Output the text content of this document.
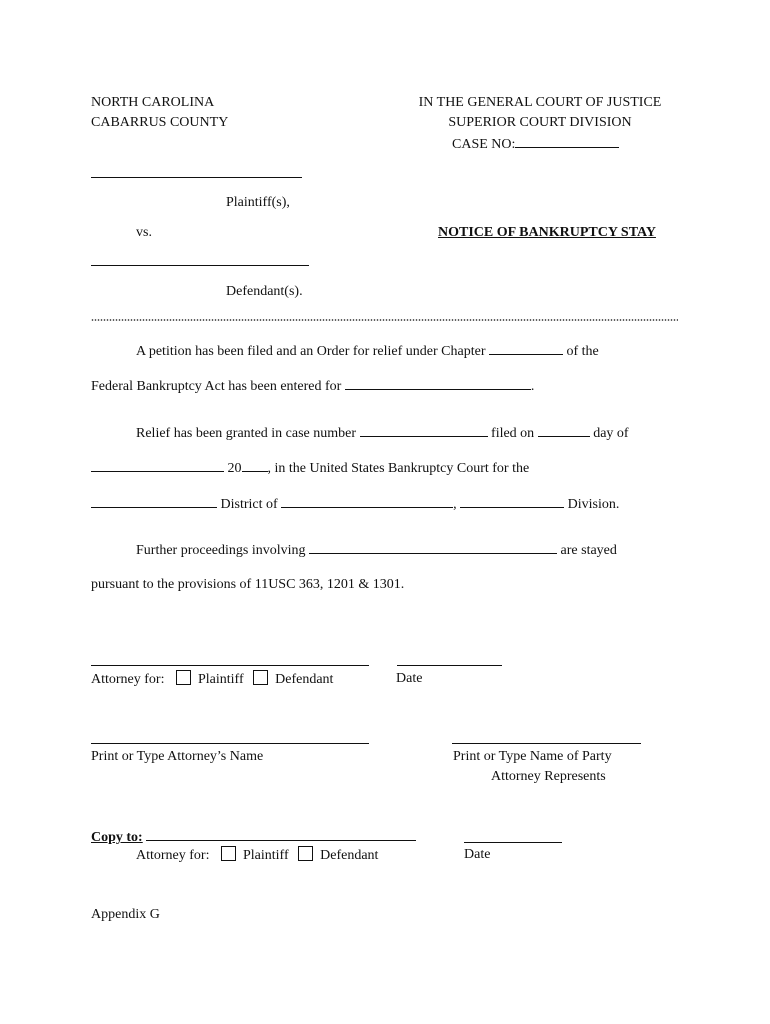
NORTH CAROLINA
CABARRUS COUNTY
IN THE GENERAL COURT OF JUSTICE
SUPERIOR COURT DIVISION
CASE NO:
Plaintiff(s),
vs.	NOTICE OF BANKRUPTCY STAY
Defendant(s).
A petition has been filed and an Order for relief under Chapter	of the
Federal Bankruptcy Act has been entered for	.
Relief has been granted in case number	filed on	day of
20 , in the United States Bankruptcy Court for the
District of	,	Division.
Further proceedings involving	are stayed
pursuant to the provisions of 11USC 363, 1201 & 1301.
Attorney for: Plaintiff Defendant	Date
Print or Type Attorney’s Name	Print or Type Name of Party
Attorney Represents
Copy to:
Attorney for: Plaintiff Defendant	Date
Appendix G
